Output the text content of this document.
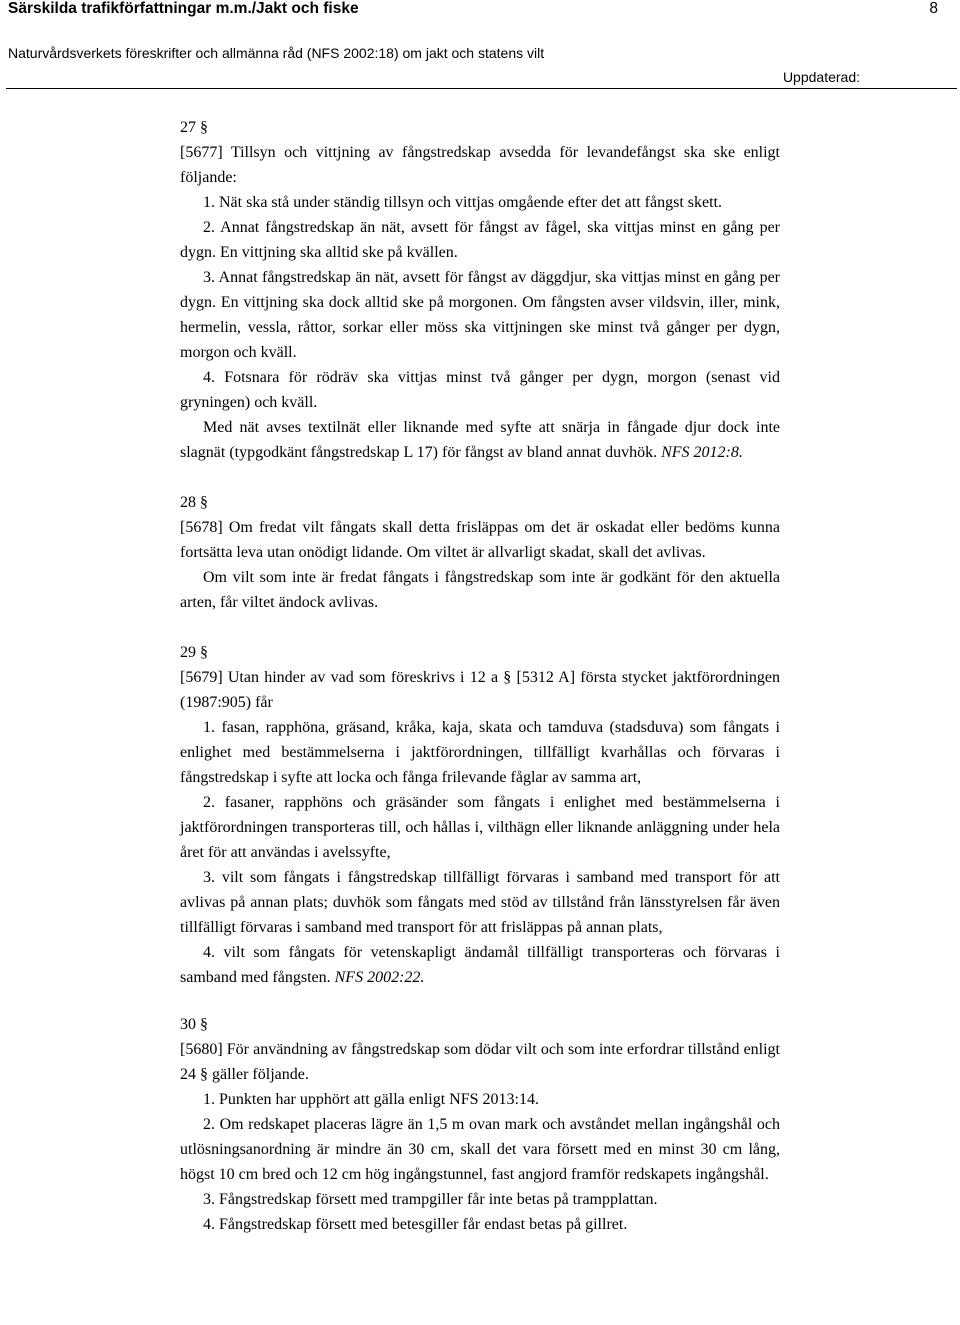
Särskilda trafikförfattningar m.m./Jakt och fiske	8
Naturvårdsverkets föreskrifter och allmänna råd (NFS 2002:18) om jakt och statens vilt
Uppdaterad:

27 §

[5677] Tillsyn och vittjning av fångstredskap avsedda för levandefångst ska ske enligt följande:

1. Nät ska stå under ständig tillsyn och vittjas omgående efter det att fångst skett.

2. Annat fångstredskap än nät, avsett för fångst av fågel, ska vittjas minst en gång per dygn. En vittjning ska alltid ske på kvällen.

3. Annat fångstredskap än nät, avsett för fångst av däggdjur, ska vittjas minst en gång per dygn. En vittjning ska dock alltid ske på morgonen. Om fångsten avser vildsvin, iller, mink, hermelin, vessla, råttor, sorkar eller möss ska vittjningen ske minst två gånger per dygn, morgon och kväll.

4. Fotsnara för rödräv ska vittjas minst två gånger per dygn, morgon (senast vid gryningen) och kväll.

Med nät avses textilnät eller liknande med syfte att snärja in fångade djur dock inte slagnät (typgodkänt fångstredskap L 17) för fångst av bland annat duvhök. NFS 2012:8.

28 §

[5678] Om fredat vilt fångats skall detta frisläppas om det är oskadat eller bedöms kunna fortsätta leva utan onödigt lidande. Om viltet är allvarligt skadat, skall det avlivas.

Om vilt som inte är fredat fångats i fångstredskap som inte är godkänt för den aktuella arten, får viltet ändock avlivas.

29 §

[5679] Utan hinder av vad som föreskrivs i 12 a § [5312 A] första stycket jaktförordningen (1987:905) får

1. fasan, rapphöna, gräsand, kråka, kaja, skata och tamduva (stadsduva) som fångats i enlighet med bestämmelserna i jaktförordningen, tillfälligt kvarhållas och förvaras i fångstredskap i syfte att locka och fånga frilevande fåglar av samma art,

2. fasaner, rapphöns och gräsänder som fångats i enlighet med bestämmelserna i jaktförordningen transporteras till, och hållas i, vilthägn eller liknande anläggning under hela året för att användas i avelssyfte,

3. vilt som fångats i fångstredskap tillfälligt förvaras i samband med transport för att avlivas på annan plats; duvhök som fångats med stöd av tillstånd från länsstyrelsen får även tillfälligt förvaras i samband med transport för att frisläppas på annan plats,

4. vilt som fångats för vetenskapligt ändamål tillfälligt transporteras och förvaras i samband med fångsten. NFS 2002:22.

30 §

[5680] För användning av fångstredskap som dödar vilt och som inte erfordrar tillstånd enligt 24 § gäller följande.

1. Punkten har upphört att gälla enligt NFS 2013:14.

2. Om redskapet placeras lägre än 1,5 m ovan mark och avståndet mellan ingångshål och utlösningsanordning är mindre än 30 cm, skall det vara försett med en minst 30 cm lång, högst 10 cm bred och 12 cm hög ingångstunnel, fast angjord framför redskapets ingångshål.

3. Fångstredskap försett med trampgiller får inte betas på trampplattan.

4. Fångstredskap försett med betesgiller får endast betas på gillret.
